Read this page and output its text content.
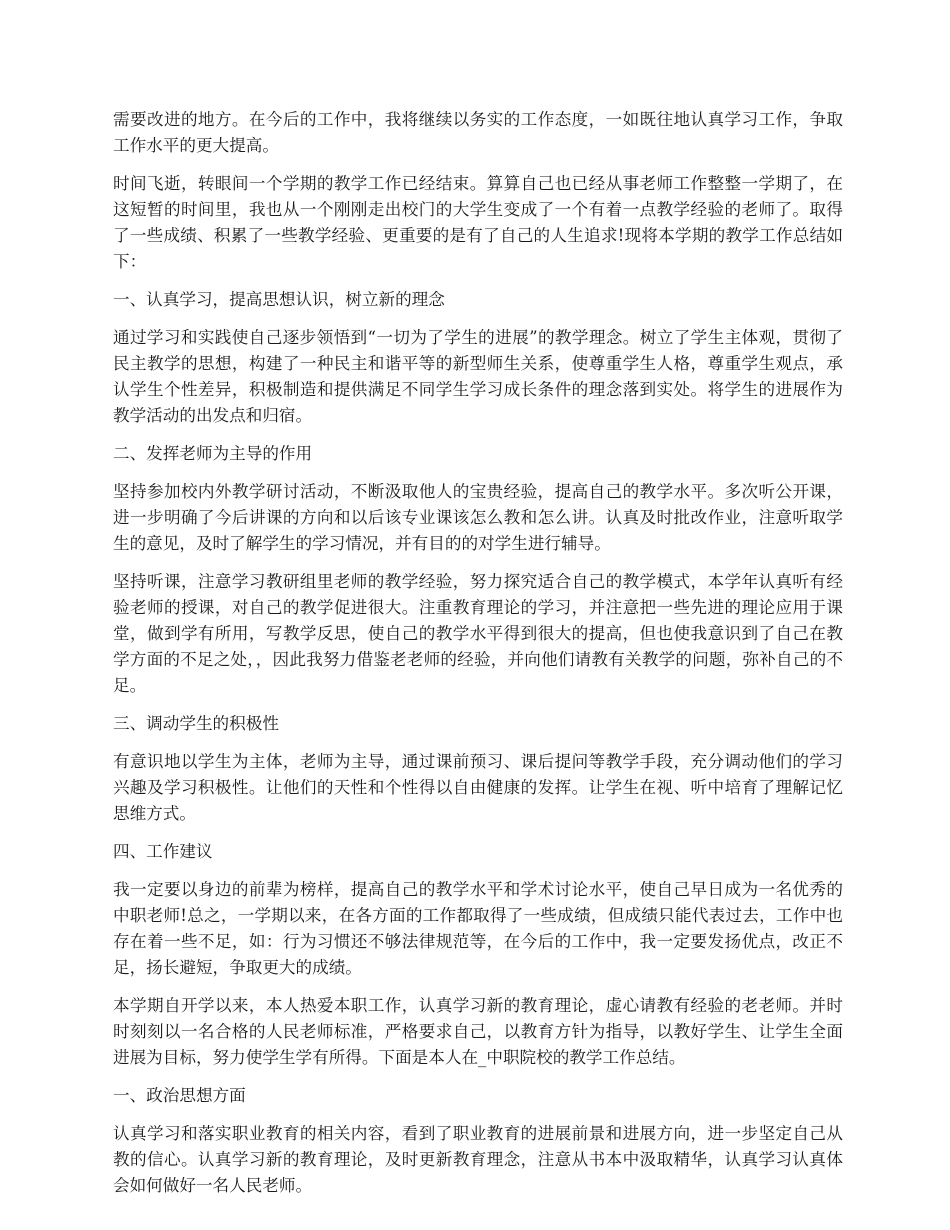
需要改进的地方。在今后的工作中，我将继续以务实的工作态度，一如既往地认真学习工作，争取工作水平的更大提高。

时间飞逝，转眼间一个学期的教学工作已经结束。算算自己也已经从事老师工作整整一学期了，在这短暂的时间里，我也从一个刚刚走出校门的大学生变成了一个有着一点教学经验的老师了。取得了一些成绩、积累了一些教学经验、更重要的是有了自己的人生追求!现将本学期的教学工作总结如下：

一、认真学习，提高思想认识，树立新的理念

通过学习和实践使自己逐步领悟到“一切为了学生的进展”的教学理念。树立了学生主体观，贯彻了民主教学的思想，构建了一种民主和谐平等的新型师生关系，使尊重学生人格，尊重学生观点，承认学生个性差异，积极制造和提供满足不同学生学习成长条件的理念落到实处。将学生的进展作为教学活动的出发点和归宿。

二、发挥老师为主导的作用

坚持参加校内外教学研讨活动，不断汲取他人的宝贵经验，提高自己的教学水平。多次听公开课，进一步明确了今后讲课的方向和以后该专业课该怎么教和怎么讲。认真及时批改作业，注意听取学生的意见，及时了解学生的学习情况，并有目的的对学生进行辅导。

坚持听课，注意学习教研组里老师的教学经验，努力探究适合自己的教学模式，本学年认真听有经验老师的授课，对自己的教学促进很大。注重教育理论的学习，并注意把一些先进的理论应用于课堂，做到学有所用，写教学反思，使自己的教学水平得到很大的提高，但也使我意识到了自己在教学方面的不足之处，，因此我努力借鉴老老师的经验，并向他们请教有关教学的问题，弥补自己的不足。

三、调动学生的积极性

有意识地以学生为主体，老师为主导，通过课前预习、课后提问等教学手段，充分调动他们的学习兴趣及学习积极性。让他们的天性和个性得以自由健康的发挥。让学生在视、听中培育了理解记忆思维方式。

四、工作建议

我一定要以身边的前辈为榜样，提高自己的教学水平和学术讨论水平，使自己早日成为一名优秀的中职老师!总之，一学期以来，在各方面的工作都取得了一些成绩，但成绩只能代表过去，工作中也存在着一些不足，如：行为习惯还不够法律规范等，在今后的工作中，我一定要发扬优点，改正不足，扬长避短，争取更大的成绩。

本学期自开学以来，本人热爱本职工作，认真学习新的教育理论，虚心请教有经验的老老师。并时时刻刻以一名合格的人民老师标准，严格要求自己，以教育方针为指导，以教好学生、让学生全面进展为目标，努力使学生学有所得。下面是本人在_中职院校的教学工作总结。

一、政治思想方面

认真学习和落实职业教育的相关内容，看到了职业教育的进展前景和进展方向，进一步坚定自己从教的信心。认真学习新的教育理论，及时更新教育理念，注意从书本中汲取精华，认真学习认真体会如何做好一名人民老师。
